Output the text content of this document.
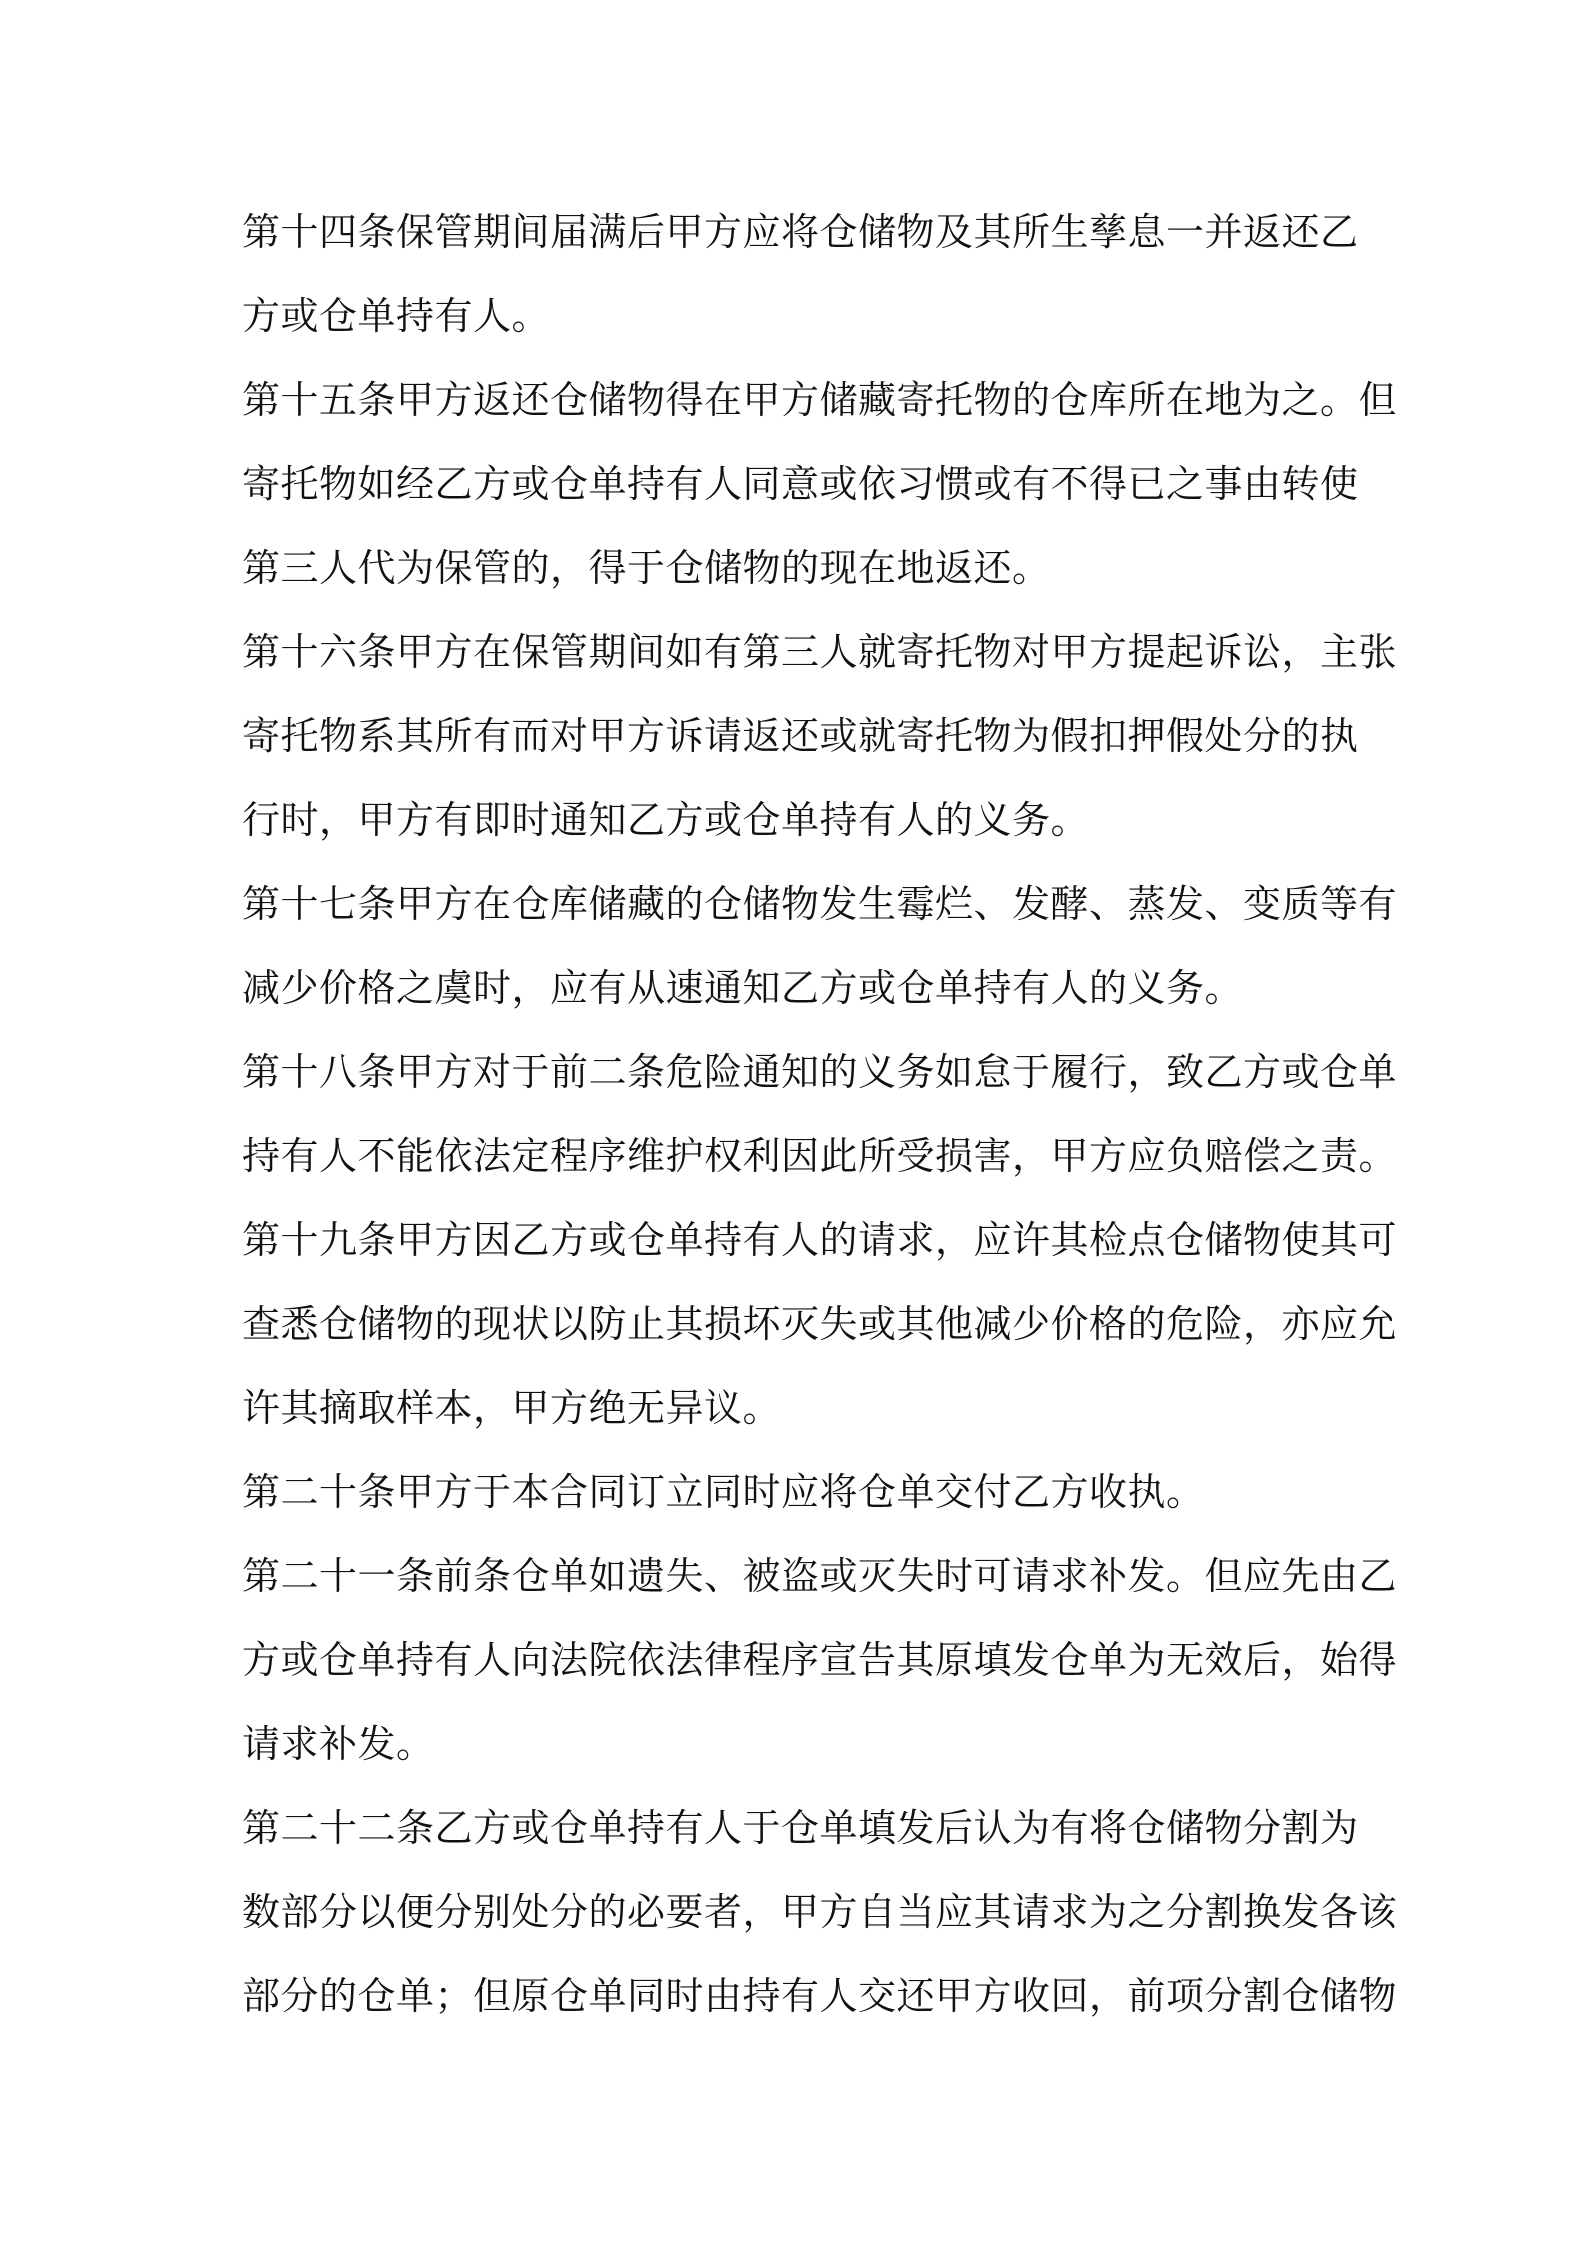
第十四条保管期间届满后甲方应将仓储物及其所生孳息一并返还乙
方或仓单持有人。
第十五条甲方返还仓储物得在甲方储藏寄托物的仓库所在地为之。但
寄托物如经乙方或仓单持有人同意或依习惯或有不得已之事由转使
第三人代为保管的，得于仓储物的现在地返还。
第十六条甲方在保管期间如有第三人就寄托物对甲方提起诉讼，主张
寄托物系其所有而对甲方诉请返还或就寄托物为假扣押假处分的执
行时，甲方有即时通知乙方或仓单持有人的义务。
第十七条甲方在仓库储藏的仓储物发生霉烂、发酵、蒸发、变质等有
减少价格之虞时，应有从速通知乙方或仓单持有人的义务。
第十八条甲方对于前二条危险通知的义务如怠于履行，致乙方或仓单
持有人不能依法定程序维护权利因此所受损害，甲方应负赔偿之责。
第十九条甲方因乙方或仓单持有人的请求，应许其检点仓储物使其可
查悉仓储物的现状以防止其损坏灭失或其他减少价格的危险，亦应允
许其摘取样本，甲方绝无异议。
第二十条甲方于本合同订立同时应将仓单交付乙方收执。
第二十一条前条仓单如遗失、被盗或灭失时可请求补发。但应先由乙
方或仓单持有人向法院依法律程序宣告其原填发仓单为无效后，始得
请求补发。
第二十二条乙方或仓单持有人于仓单填发后认为有将仓储物分割为
数部分以便分别处分的必要者，甲方自当应其请求为之分割换发各该
部分的仓单；但原仓单同时由持有人交还甲方收回，前项分割仓储物
